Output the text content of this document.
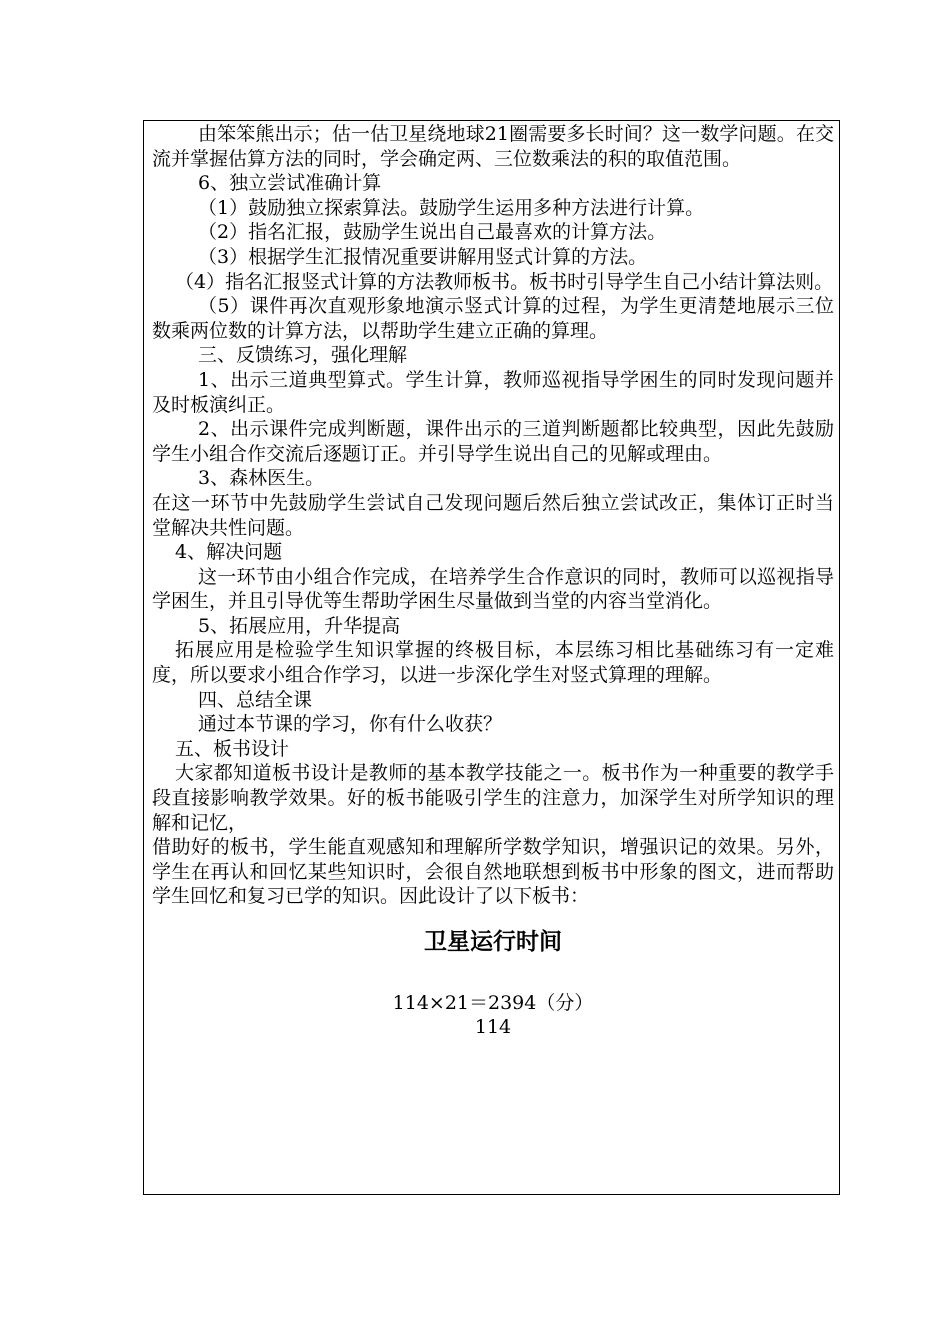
由笨笨熊出示；估一估卫星绕地球21圈需要多长时间？这一数学问题。在交流并掌握估算方法的同时，学会确定两、三位数乘法的积的取值范围。

6、独立尝试准确计算

（1）鼓励独立探索算法。鼓励学生运用多种方法进行计算。

（2）指名汇报，鼓励学生说出自己最喜欢的计算方法。

（3）根据学生汇报情况重要讲解用竖式计算的方法。

（4）指名汇报竖式计算的方法教师板书。板书时引导学生自己小结计算法则。

（5）课件再次直观形象地演示竖式计算的过程，为学生更清楚地展示三位数乘两位数的计算方法，以帮助学生建立正确的算理。

三、反馈练习，强化理解

1、出示三道典型算式。学生计算，教师巡视指导学困生的同时发现问题并及时板演纠正。

2、出示课件完成判断题，课件出示的三道判断题都比较典型，因此先鼓励学生小组合作交流后逐题订正。并引导学生说出自己的见解或理由。

3、森林医生。

在这一环节中先鼓励学生尝试自己发现问题后然后独立尝试改正，集体订正时当堂解决共性问题。

4、解决问题

这一环节由小组合作完成，在培养学生合作意识的同时，教师可以巡视指导学困生，并且引导优等生帮助学困生尽量做到当堂的内容当堂消化。

5、拓展应用，升华提高

拓展应用是检验学生知识掌握的终极目标，本层练习相比基础练习有一定难度，所以要求小组合作学习，以进一步深化学生对竖式算理的理解。

四、总结全课

通过本节课的学习，你有什么收获？

五、板书设计

大家都知道板书设计是教师的基本教学技能之一。板书作为一种重要的教学手段直接影响教学效果。好的板书能吸引学生的注意力，加深学生对所学知识的理解和记忆，

借助好的板书，学生能直观感知和理解所学数学知识，增强识记的效果。另外，学生在再认和回忆某些知识时，会很自然地联想到板书中形象的图文，进而帮助学生回忆和复习已学的知识。因此设计了以下板书：

卫星运行时间
114×21＝2394（分）
114
